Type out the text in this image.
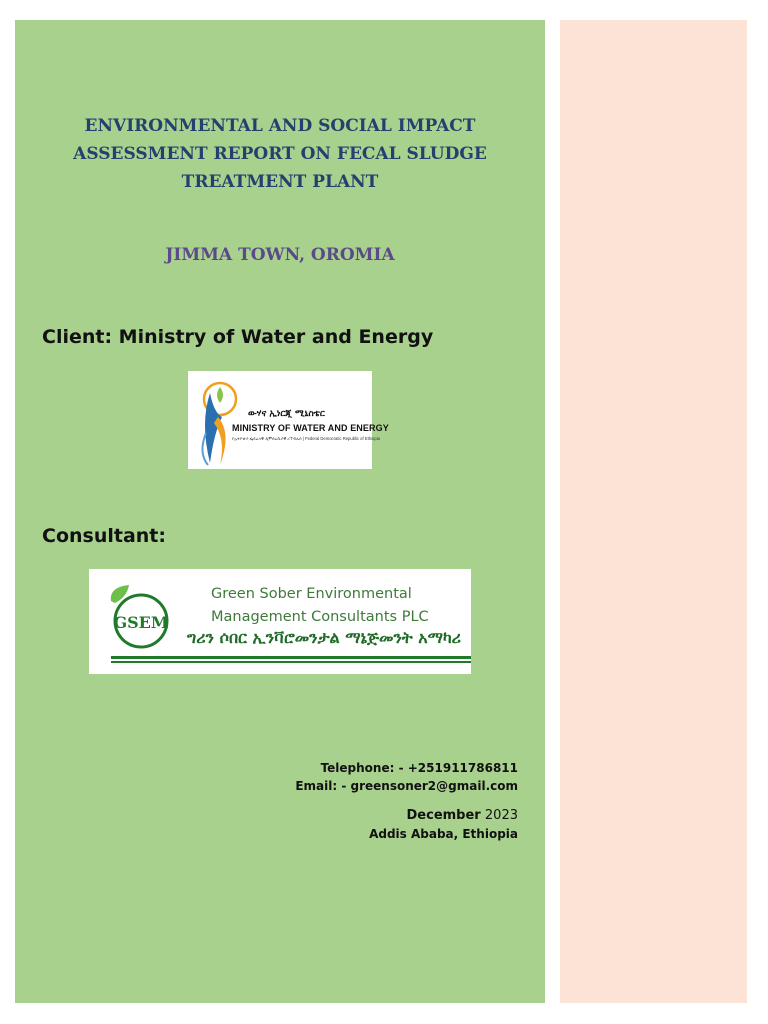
ENVIRONMENTAL AND SOCIAL IMPACT
ASSESSMENT REPORT ON FECAL SLUDGE
TREATMENT PLANT
JIMMA TOWN, OROMIA
Client: Ministry of Water and Energy
ውሃና ኢነርጂ ሚኒስቴር
MINISTRY OF WATER AND ENERGY
የኢትዮጵያ ፌደራላዊ ዲሞክራሲያዊ ሪፐብሊክ | Federal Democratic Republic of Ethiopia
Consultant:
GSEM
Green Sober Environmental
Management Consultants PLC
ግሪን ሶበር ኢንቫሮመንታል ማኔጅመንት አማካሪ
Telephone: - +251911786811
Email: - greensoner2@gmail.com
December 2023
Addis Ababa, Ethiopia
